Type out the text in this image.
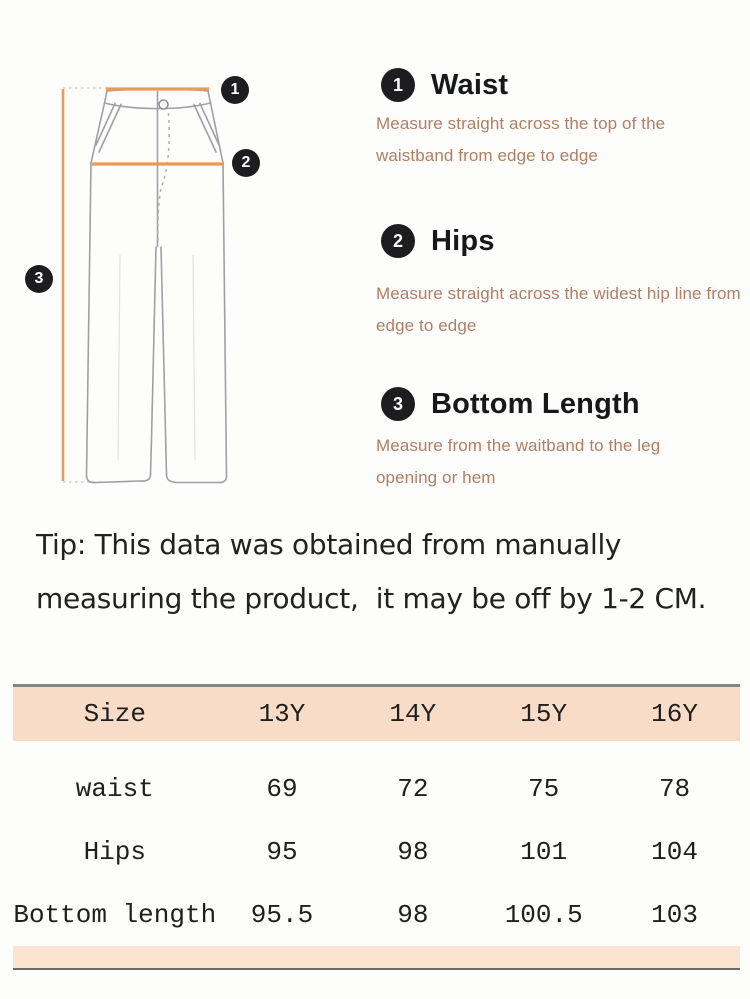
1
2
3
1 Waist

Measure straight across the top of the
waistband from edge to edge

2 Hips

Measure straight across the widest hip line from
edge to edge

3 Bottom Length

Measure from the waitband to the leg
opening or hem

Tip: This data was obtained from manually
measuring the product,  it may be off by 1-2 CM.
Size	13Y	14Y	15Y	16Y
waist	69	72	75	78
Hips	95	98	101	104
Bottom length	95.5	98	100.5	103
